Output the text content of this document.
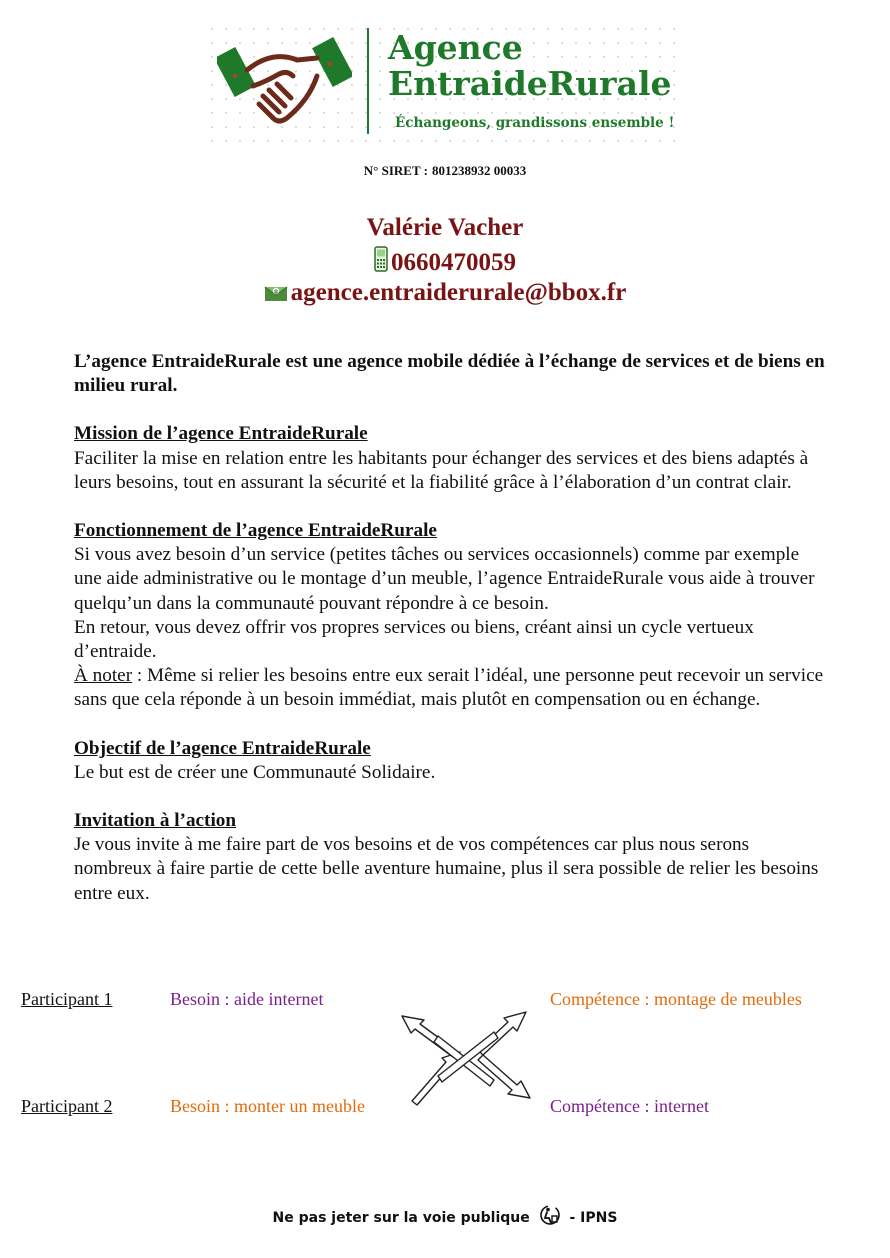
Agence
EntraideRurale
Échangeons, grandissons ensemble !
N° SIRET : 801238932 00033
Valérie Vacher
0660470059
@ agence.entraiderurale@bbox.fr

L’agence EntraideRurale est une agence mobile dédiée à l’échange de services et de biens en milieu rural.

Mission de l’agence EntraideRurale

Faciliter la mise en relation entre les habitants pour échanger des services et des biens adaptés à leurs besoins, tout en assurant la sécurité et la fiabilité grâce à l’élaboration d’un contrat clair.

Fonctionnement de l’agence EntraideRurale

Si vous avez besoin d’un service (petites tâches ou services occasionnels) comme par exemple une aide administrative ou le montage d’un meuble, l’agence EntraideRurale vous aide à trouver quelqu’un dans la communauté pouvant répondre à ce besoin.

En retour, vous devez offrir vos propres services ou biens, créant ainsi un cycle vertueux d’entraide.

À noter : Même si relier les besoins entre eux serait l’idéal, une personne peut recevoir un service sans que cela réponde à un besoin immédiat, mais plutôt en compensation ou en échange.

Objectif de l’agence EntraideRurale

Le but est de créer une Communauté Solidaire.

Invitation à l’action

Je vous invite à me faire part de vos besoins et de vos compétences car plus nous serons nombreux à faire partie de cette belle aventure humaine, plus il sera possible de relier les besoins entre eux.

Participant 1	Besoin : aide internet	Compétence : montage de meubles
Participant 2	Besoin : monter un meuble	Compétence : internet
Ne pas jeter sur la voie publique	- IPNS
